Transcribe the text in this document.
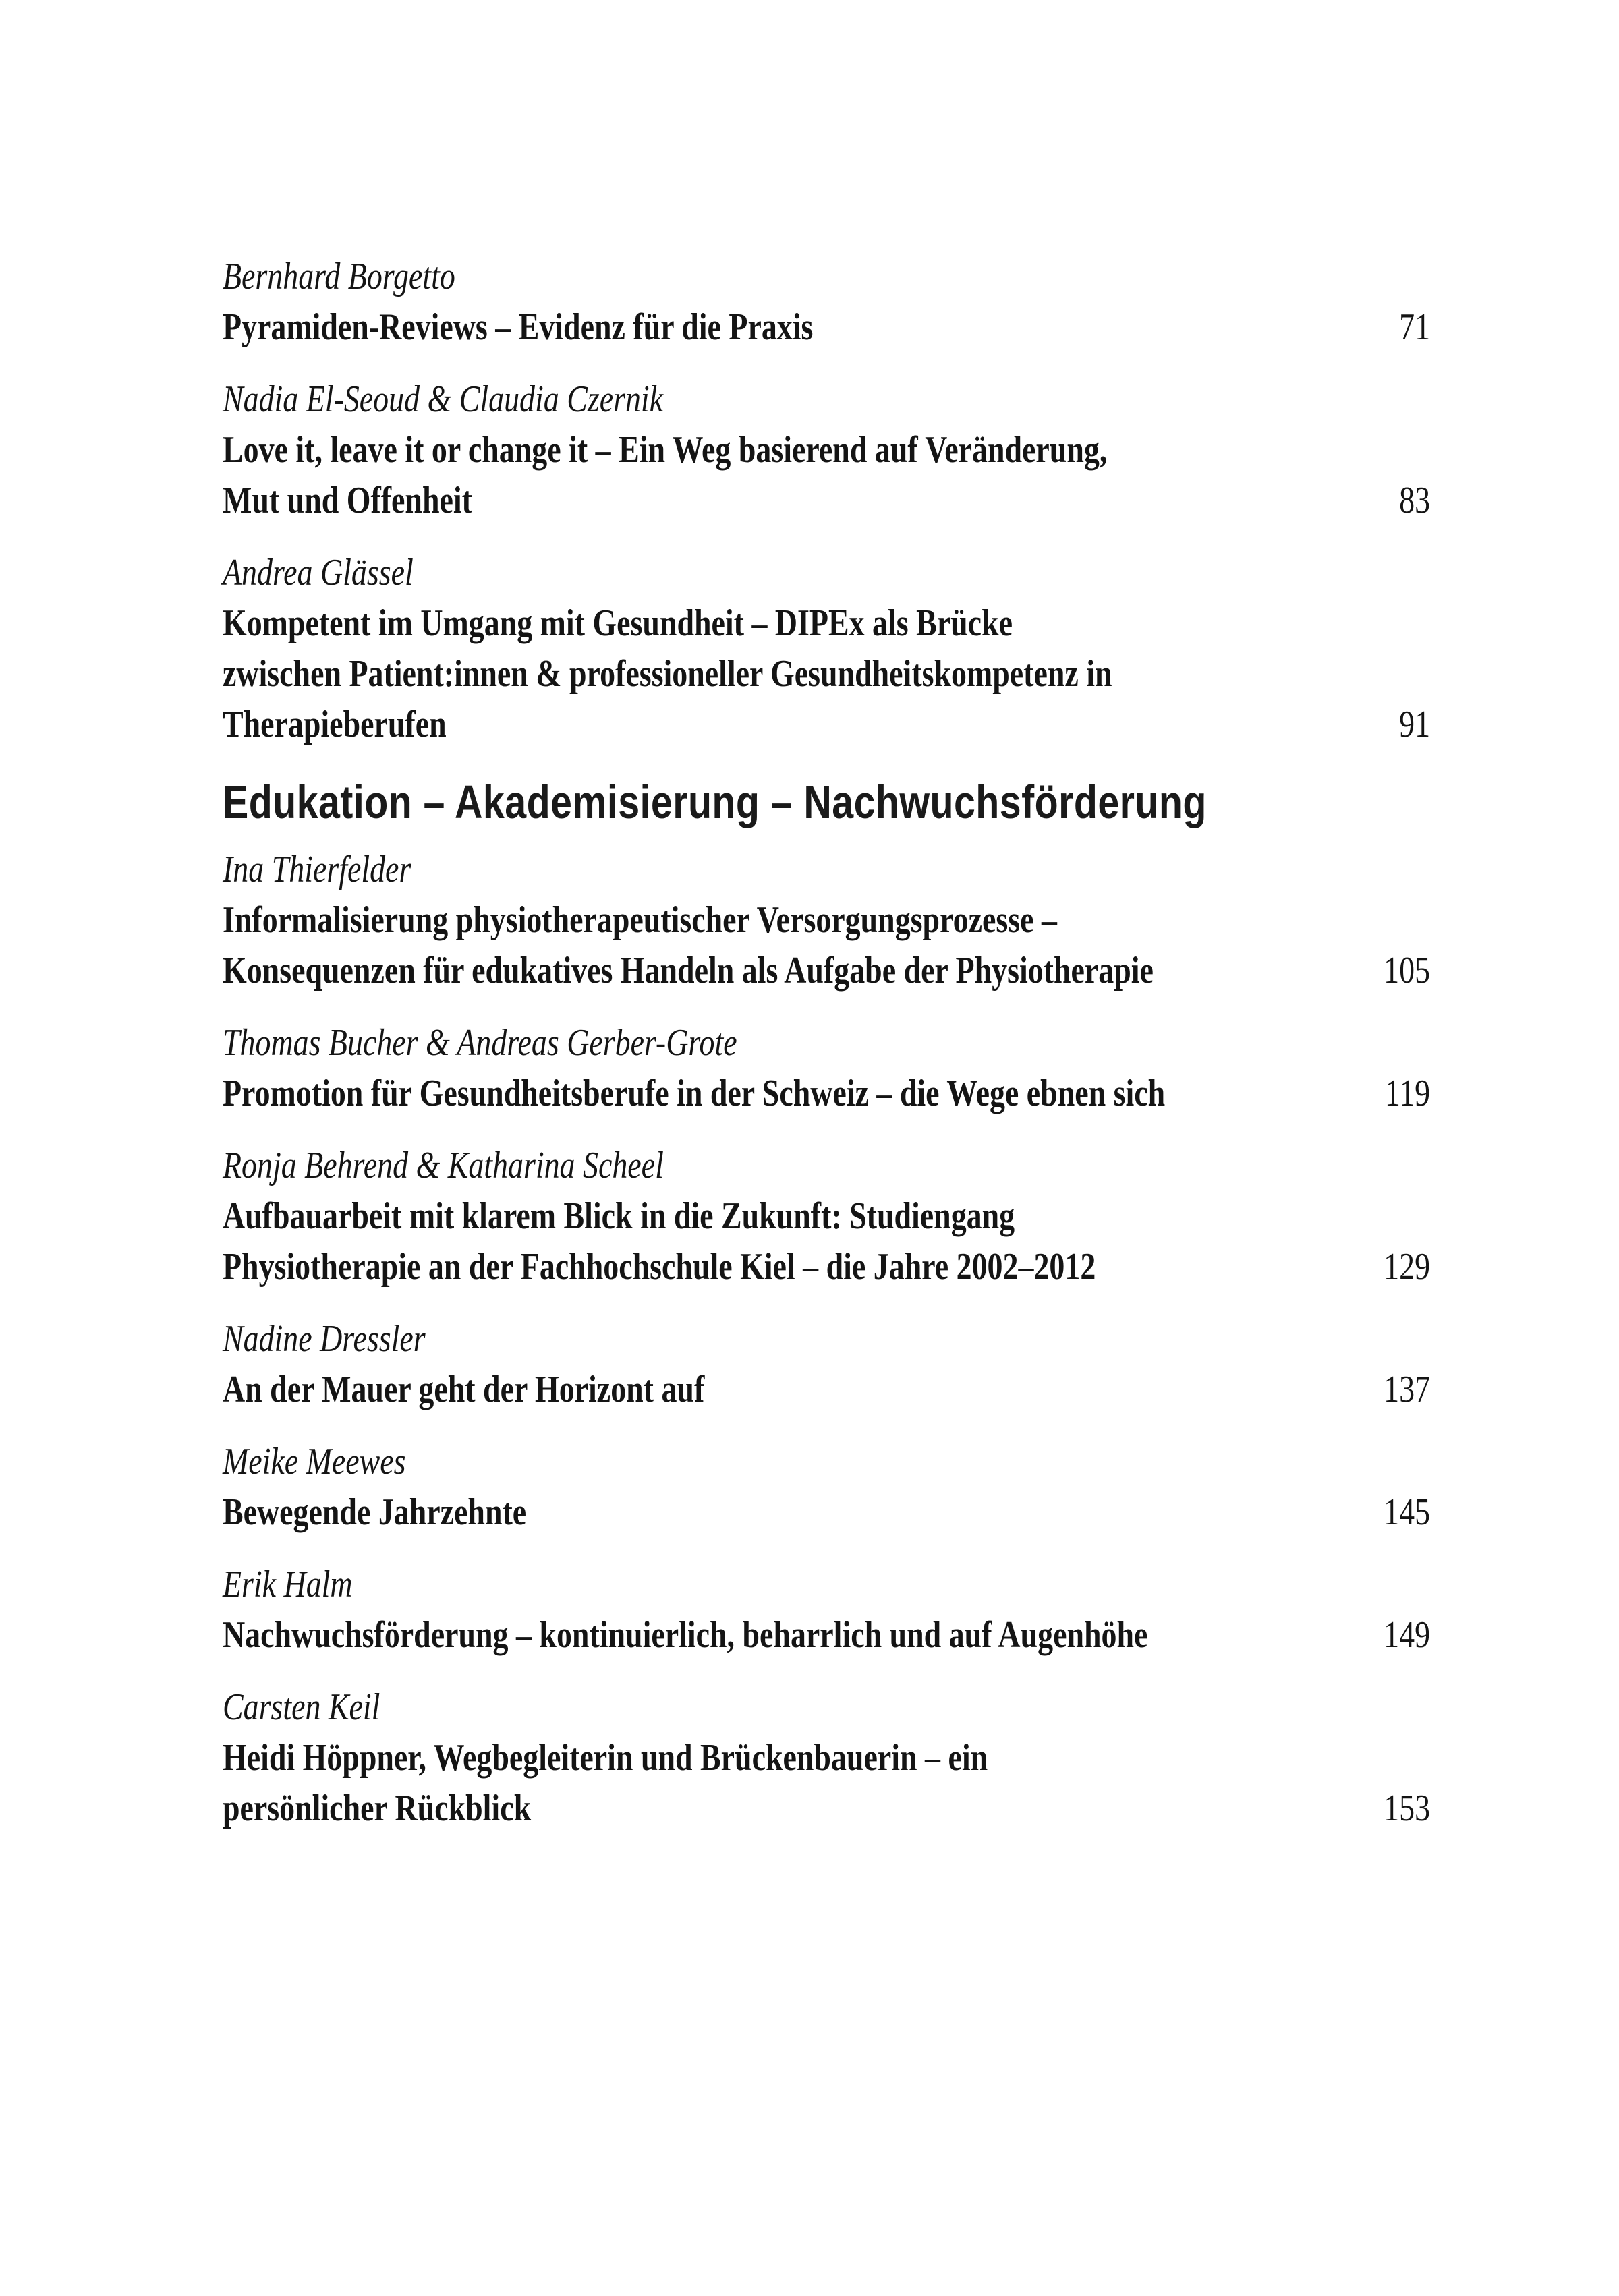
Bernhard Borgetto
Pyramiden-Reviews – Evidenz für die Praxis	71
Nadia El-Seoud & Claudia Czernik
Love it, leave it or change it – Ein Weg basierend auf Veränderung,
Mut und Offenheit	83
Andrea Glässel
Kompetent im Umgang mit Gesundheit – DIPEx als Brücke
zwischen Patient:innen & professioneller Gesundheitskompetenz in
Therapieberufen	91
Edukation – Akademisierung – Nachwuchsförderung
Ina Thierfelder
Informalisierung physiotherapeutischer Versorgungsprozesse –
Konsequenzen für edukatives Handeln als Aufgabe der Physiotherapie	105
Thomas Bucher & Andreas Gerber-Grote
Promotion für Gesundheitsberufe in der Schweiz – die Wege ebnen sich	119
Ronja Behrend & Katharina Scheel
Aufbauarbeit mit klarem Blick in die Zukunft: Studiengang
Physiotherapie an der Fachhochschule Kiel – die Jahre 2002–2012	129
Nadine Dressler
An der Mauer geht der Horizont auf	137
Meike Meewes
Bewegende Jahrzehnte	145
Erik Halm
Nachwuchsförderung – kontinuierlich, beharrlich und auf Augenhöhe	149
Carsten Keil
Heidi Höppner, Wegbegleiterin und Brückenbauerin – ein
persönlicher Rückblick	153
